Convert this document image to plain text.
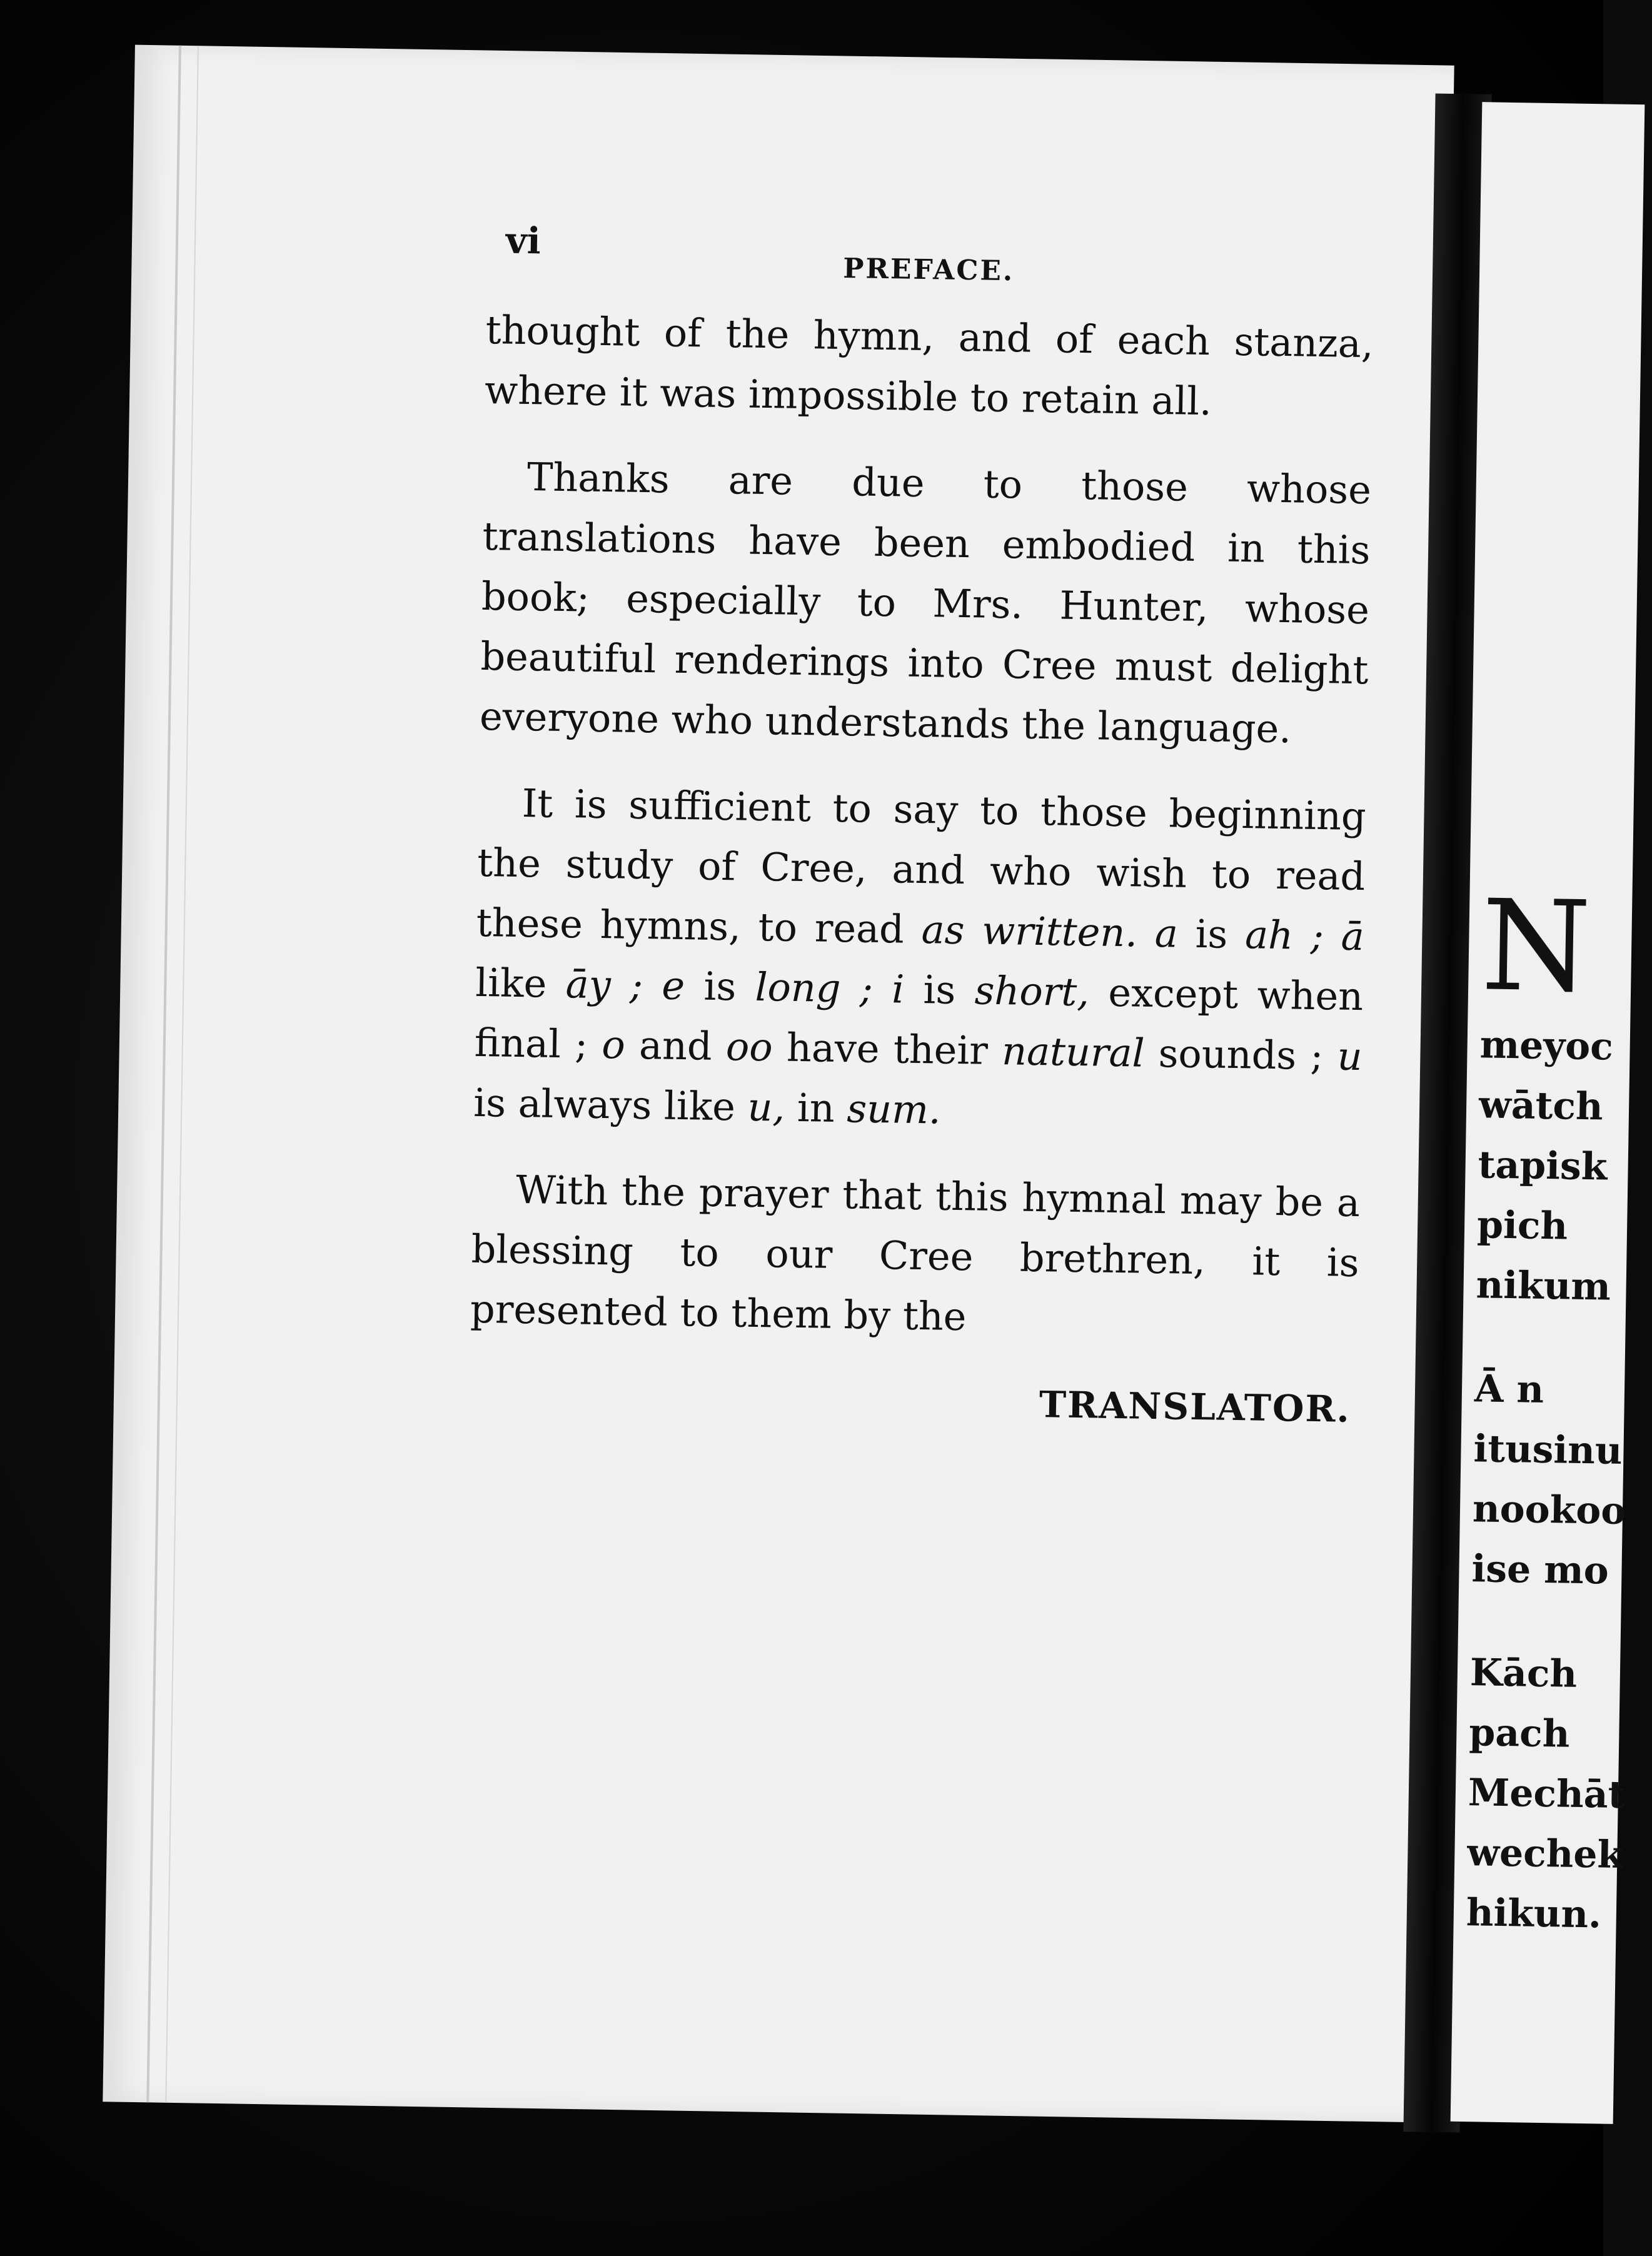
N
meyoc
wātch
tapisk
pich
nikum
Ā n
itusinu
nookoo
ise mo
Kāch
pach
Mechāt
wechek
hikun.
vi
PREFACE.

thought of the hymn, and of each stanza, where it was impossible to retain all.

Thanks are due to those whose translations have been embodied in this book; especially to Mrs. Hunter, whose beautiful renderings into Cree must delight everyone who understands the language.

It is sufficient to say to those beginning the study of Cree, and who wish to read these hymns, to read as written. a is ah ; ā like āy ; e is long ; i is short, except when final ; o and oo have their natural sounds ; u is always like u, in sum.

With the prayer that this hymnal may be a blessing to our Cree brethren, it is presented to them by the

TRANSLATOR.
